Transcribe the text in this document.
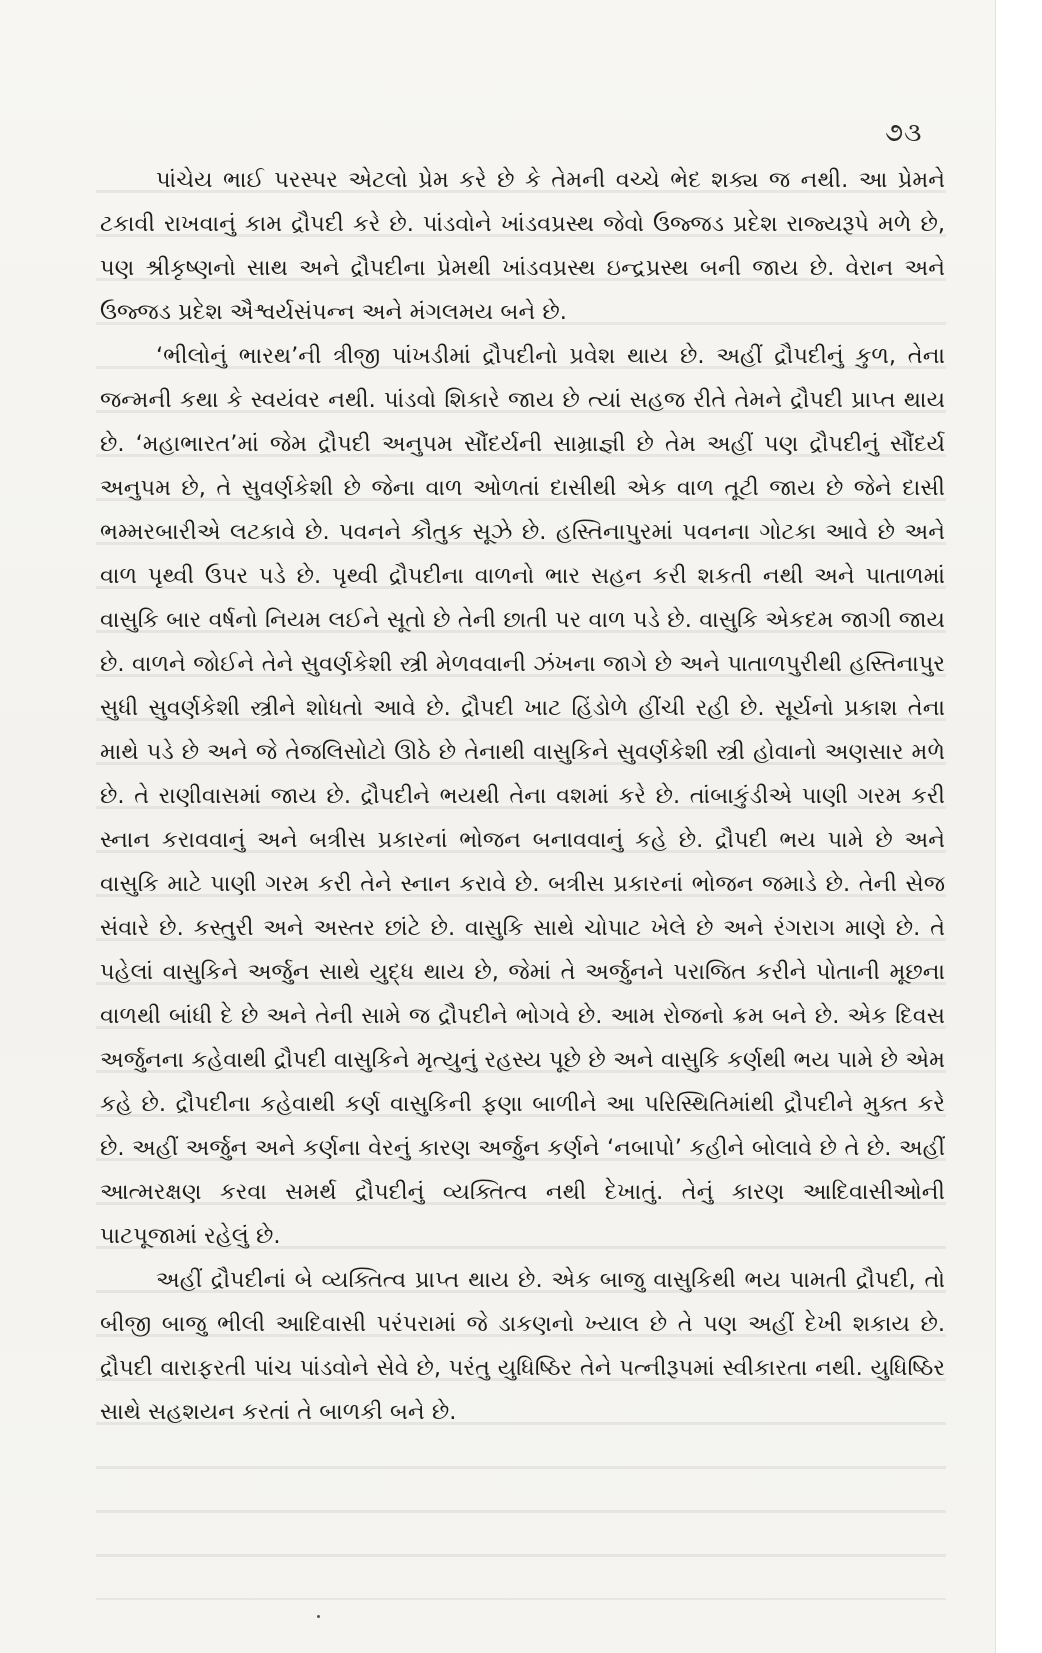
૭૩

પાંચેય ભાઈ પરસ્પર એટલો પ્રેમ કરે છે કે તેમની વચ્ચે ભેદ શક્ય જ નથી. આ પ્રેમને ટકાવી રાખવાનું કામ દ્રૌપદી કરે છે. પાંડવોને ખાંડવપ્રસ્થ જેવો ઉજ્જડ પ્રદેશ રાજ્યરૂપે મળે છે, પણ શ્રીકૃષ્ણનો સાથ અને દ્રૌપદીના પ્રેમથી ખાંડવપ્રસ્થ ઇન્દ્રપ્રસ્થ બની જાય છે. વેરાન અને ઉજ્જડ પ્રદેશ ઐશ્વર્યસંપન્ન અને મંગલમય બને છે.

‘ભીલોનું ભારથ’ની ત્રીજી પાંખડીમાં દ્રૌપદીનો પ્રવેશ થાય છે. અહીં દ્રૌપદીનું કુળ, તેના જન્મની કથા કે સ્વયંવર નથી. પાંડવો શિકારે જાય છે ત્યાં સહજ રીતે તેમને દ્રૌપદી પ્રાપ્ત થાય છે. ‘મહાભારત’માં જેમ દ્રૌપદી અનુપમ સૌંદર્યની સામ્રાજ્ઞી છે તેમ અહીં પણ દ્રૌપદીનું સૌંદર્ય અનુપમ છે, તે સુવર્ણકેશી છે જેના વાળ ઓળતાં દાસીથી એક વાળ તૂટી જાય છે જેને દાસી ભમ્મરબારીએ લટકાવે છે. પવનને કૌતુક સૂઝે છે. હસ્તિનાપુરમાં પવનના ગોટકા આવે છે અને વાળ પૃથ્વી ઉપર પડે છે. પૃથ્વી દ્રૌપદીના વાળનો ભાર સહન કરી શકતી નથી અને પાતાળમાં વાસુકિ બાર વર્ષનો નિયમ લઈને સૂતો છે તેની છાતી પર વાળ પડે છે. વાસુકિ એકદમ જાગી જાય છે. વાળને જોઈને તેને સુવર્ણકેશી સ્ત્રી મેળવવાની ઝંખના જાગે છે અને પાતાળપુરીથી હસ્તિનાપુર સુધી સુવર્ણકેશી સ્ત્રીને શોધતો આવે છે. દ્રૌપદી ખાટ હિંડોળે હીંચી રહી છે. સૂર્યનો પ્રકાશ તેના માથે પડે છે અને જે તેજલિસોટો ઊઠે છે તેનાથી વાસુકિને સુવર્ણકેશી સ્ત્રી હોવાનો અણસાર મળે છે. તે રાણીવાસમાં જાય છે. દ્રૌપદીને ભયથી તેના વશમાં કરે છે. તાંબાકુંડીએ પાણી ગરમ કરી સ્નાન કરાવવાનું અને બત્રીસ પ્રકારનાં ભોજન બનાવવાનું કહે છે. દ્રૌપદી ભય પામે છે અને વાસુકિ માટે પાણી ગરમ કરી તેને સ્નાન કરાવે છે. બત્રીસ પ્રકારનાં ભોજન જમાડે છે. તેની સેજ સંવારે છે. કસ્તુરી અને અસ્તર છાંટે છે. વાસુકિ સાથે ચોપાટ ખેલે છે અને રંગરાગ માણે છે. તે પહેલાં વાસુકિને અર્જુન સાથે યુદ્ધ થાય છે, જેમાં તે અર્જુનને પરાજિત કરીને પોતાની મૂછના વાળથી બાંધી દે છે અને તેની સામે જ દ્રૌપદીને ભોગવે છે. આમ રોજનો ક્રમ બને છે. એક દિવસ અર્જુનના કહેવાથી દ્રૌપદી વાસુકિને મૃત્યુનું રહસ્ય પૂછે છે અને વાસુકિ કર્ણથી ભય પામે છે એમ કહે છે. દ્રૌપદીના કહેવાથી કર્ણ વાસુકિની ફણા બાળીને આ પરિસ્થિતિમાંથી દ્રૌપદીને મુક્ત કરે છે. અહીં અર્જુન અને કર્ણના વેરનું કારણ અર્જુન કર્ણને ‘નબાપો’ કહીને બોલાવે છે તે છે. અહીં આત્મરક્ષણ કરવા સમર્થ દ્રૌપદીનું વ્યક્તિત્વ નથી દેખાતું. તેનું કારણ આદિવાસીઓની પાટપૂજામાં રહેલું છે.

અહીં દ્રૌપદીનાં બે વ્યક્તિત્વ પ્રાપ્ત થાય છે. એક બાજુ વાસુકિથી ભય પામતી દ્રૌપદી, તો બીજી બાજુ ભીલી આદિવાસી પરંપરામાં જે ડાકણનો ખ્યાલ છે તે પણ અહીં દેખી શકાય છે. દ્રૌપદી વારાફરતી પાંચ પાંડવોને સેવે છે, પરંતુ યુધિષ્ઠિર તેને પત્નીરૂપમાં સ્વીકારતા નથી. યુધિષ્ઠિર સાથે સહશયન કરતાં તે બાળકી બને છે.
